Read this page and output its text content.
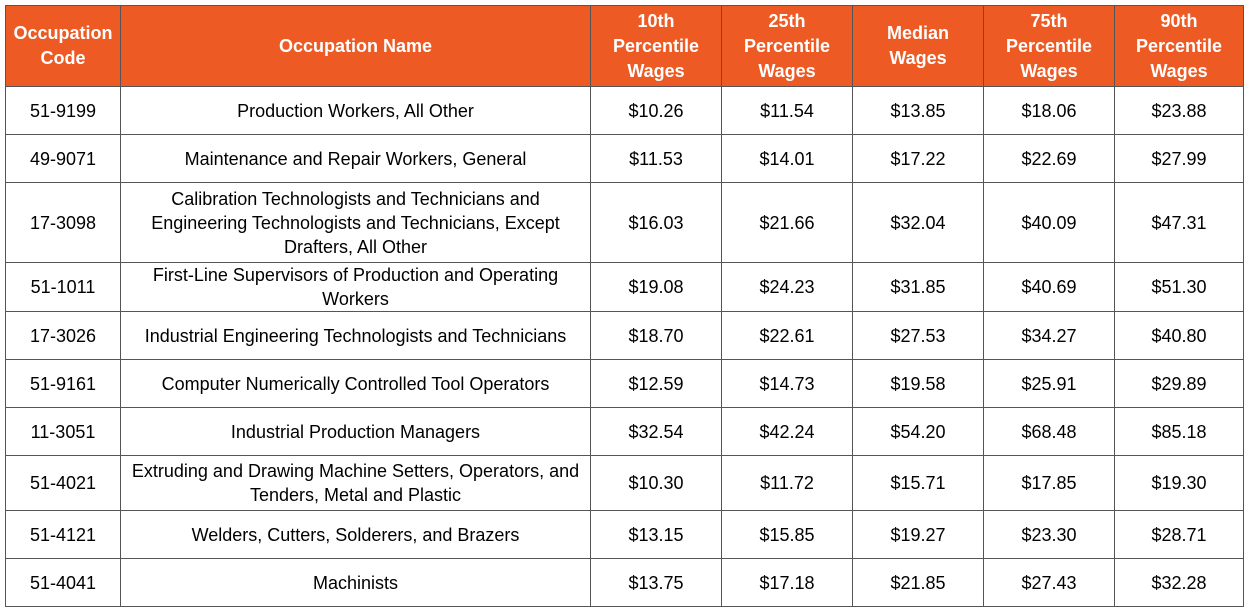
Occupation Code	Occupation Name	10th Percentile Wages	25th Percentile Wages	Median Wages	75th Percentile Wages	90th Percentile Wages
51-9199	Production Workers, All Other	$10.26	$11.54	$13.85	$18.06	$23.88
49-9071	Maintenance and Repair Workers, General	$11.53	$14.01	$17.22	$22.69	$27.99
17-3098	Calibration Technologists and Technicians and Engineering Technologists and Technicians, Except Drafters, All Other	$16.03	$21.66	$32.04	$40.09	$47.31
51-1011	First-Line Supervisors of Production and Operating Workers	$19.08	$24.23	$31.85	$40.69	$51.30
17-3026	Industrial Engineering Technologists and Technicians	$18.70	$22.61	$27.53	$34.27	$40.80
51-9161	Computer Numerically Controlled Tool Operators	$12.59	$14.73	$19.58	$25.91	$29.89
11-3051	Industrial Production Managers	$32.54	$42.24	$54.20	$68.48	$85.18
51-4021	Extruding and Drawing Machine Setters, Operators, and Tenders, Metal and Plastic	$10.30	$11.72	$15.71	$17.85	$19.30
51-4121	Welders, Cutters, Solderers, and Brazers	$13.15	$15.85	$19.27	$23.30	$28.71
51-4041	Machinists	$13.75	$17.18	$21.85	$27.43	$32.28
